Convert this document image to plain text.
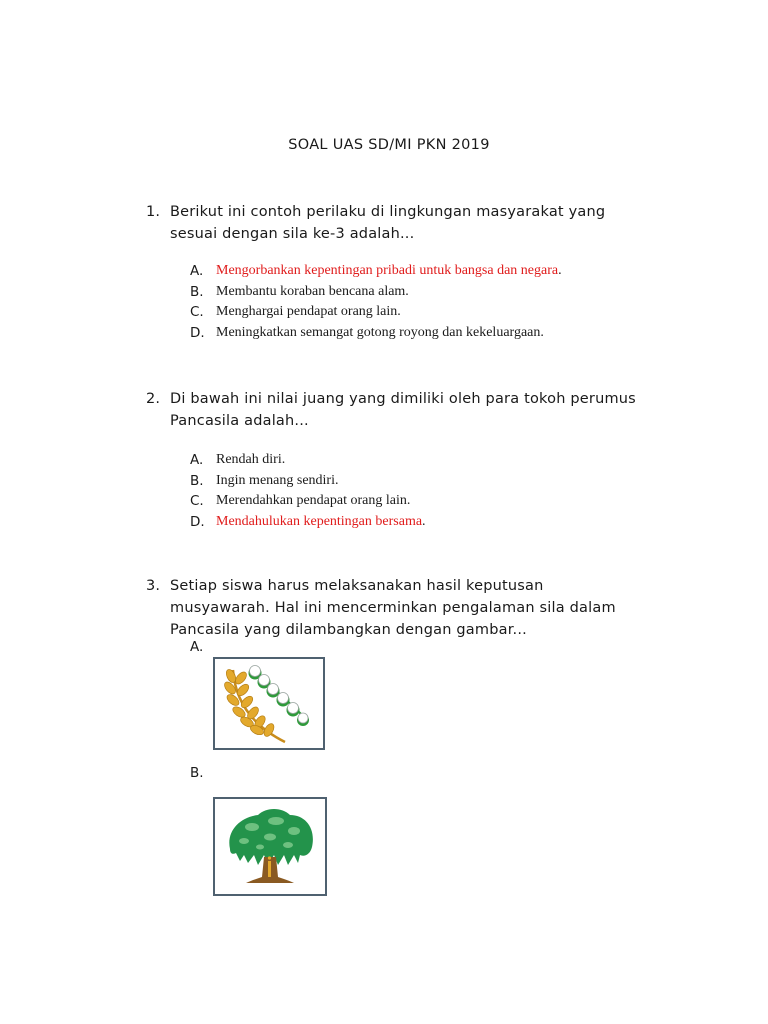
SOAL UAS SD/MI PKN 2019
1. Berikut ini contoh perilaku di lingkungan masyarakat yang
sesuai dengan sila ke-3 adalah...
A. Mengorbankan kepentingan pribadi untuk bangsa dan negara .
B. Membantu koraban bencana alam.
C. Menghargai pendapat orang lain.
D. Meningkatkan semangat gotong royong dan kekeluargaan.
2. Di bawah ini nilai juang yang dimiliki oleh para tokoh perumus
Pancasila adalah...
A. Rendah diri.
B. Ingin menang sendiri.
C. Merendahkan pendapat orang lain.
D. Mendahulukan kepentingan bersama .
3. Setiap siswa harus melaksanakan hasil keputusan
musyawarah. Hal ini mencerminkan pengalaman sila dalam
Pancasila yang dilambangkan dengan gambar...
A.
B.
